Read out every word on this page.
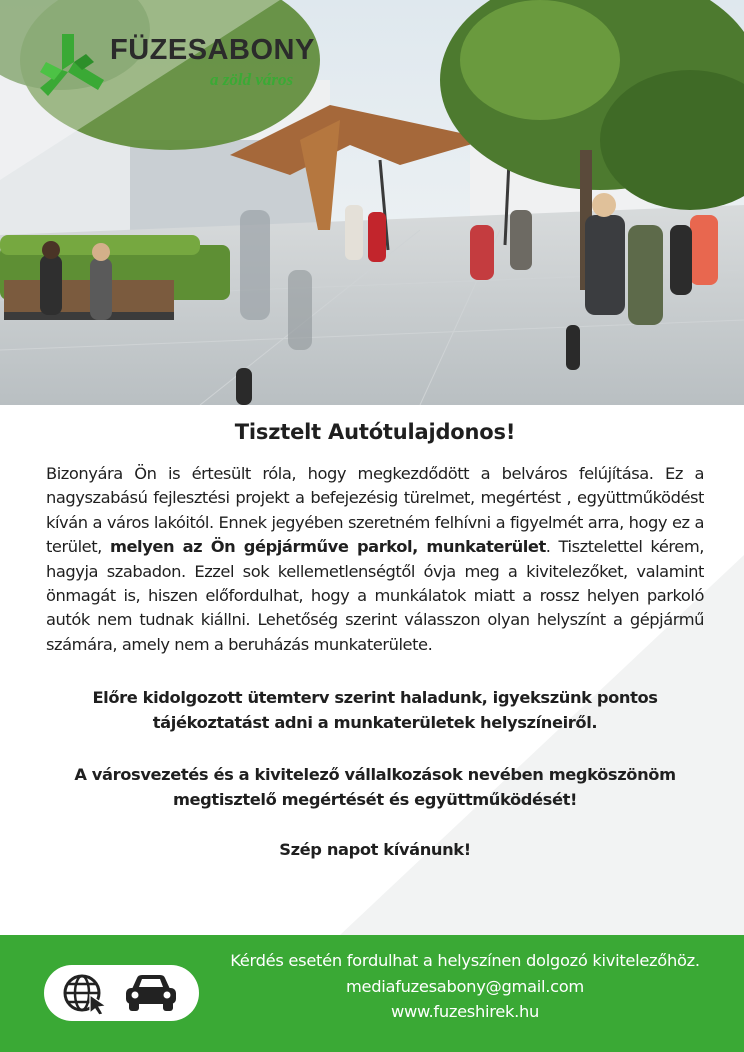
FÜZESABONY
a zöld város
Tisztelt Autótulajdonos!

Bizonyára Ön is értesült róla, hogy megkezdődött a belváros felújítása. Ez a nagyszabású fejlesztési projekt a befejezésig türelmet, megértést , együttműködést kíván a város lakóitól. Ennek jegyében szeretném felhívni a figyelmét arra, hogy ez a terület, melyen az Ön gépjárműve parkol, munkaterület. Tisztelettel kérem, hagyja szabadon. Ezzel sok kellemetlenségtől óvja meg a kivitelezőket, valamint önmagát is, hiszen előfordulhat, hogy a munkálatok miatt a rossz helyen parkoló autók nem tudnak kiállni. Lehetőség szerint válasszon olyan helyszínt a gépjármű számára, amely nem a beruházás munkaterülete.

Előre kidolgozott ütemterv szerint haladunk, igyekszünk pontos
tájékoztatást adni a munkaterületek helyszíneiről.

A városvezetés és a kivitelező vállalkozások nevében megköszönöm
megtisztelő megértését és együttműködését!

Szép napot kívánunk!

Kérdés esetén fordulhat a helyszínen dolgozó kivitelezőhöz.
mediafuzesabony@gmail.com
www.fuzeshirek.hu
